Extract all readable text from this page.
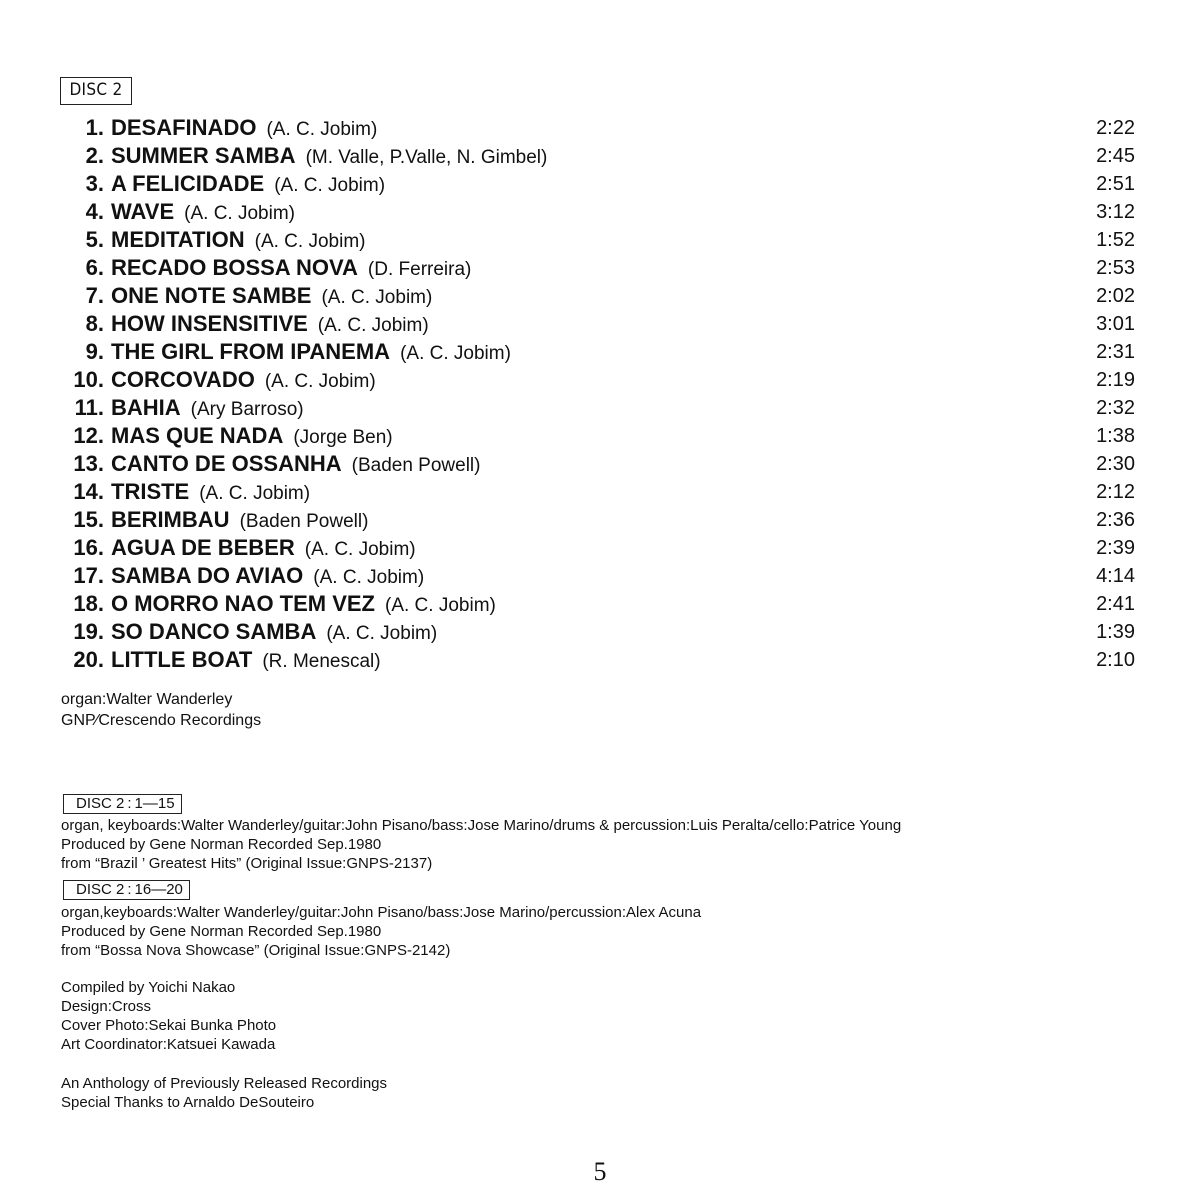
DISC 2
1. DESAFINADO (A. C. Jobim)	2:22
2. SUMMER SAMBA (M. Valle, P.Valle, N. Gimbel)	2:45
3. A FELICIDADE (A. C. Jobim)	2:51
4. WAVE (A. C. Jobim)	3:12
5. MEDITATION (A. C. Jobim)	1:52
6. RECADO BOSSA NOVA (D. Ferreira)	2:53
7. ONE NOTE SAMBE (A. C. Jobim)	2:02
8. HOW INSENSITIVE (A. C. Jobim)	3:01
9. THE GIRL FROM IPANEMA (A. C. Jobim)	2:31
10. CORCOVADO (A. C. Jobim)	2:19
11. BAHIA (Ary Barroso)	2:32
12. MAS QUE NADA (Jorge Ben)	1:38
13. CANTO DE OSSANHA (Baden Powell)	2:30
14. TRISTE (A. C. Jobim)	2:12
15. BERIMBAU (Baden Powell)	2:36
16. AGUA DE BEBER (A. C. Jobim)	2:39
17. SAMBA DO AVIAO (A. C. Jobim)	4:14
18. O MORRO NAO TEM VEZ (A. C. Jobim)	2:41
19. SO DANCO SAMBA (A. C. Jobim)	1:39
20. LITTLE BOAT (R. Menescal)	2:10
organ:Walter Wanderley
GNP∕Crescendo Recordings
DISC 2 : 1—15
organ, keyboards:Walter Wanderley/guitar:John Pisano/bass:Jose Marino/drums & percussion:Luis Peralta/cello:Patrice Young
Produced by Gene Norman Recorded Sep.1980
from “Brazil ’ Greatest Hits” (Original Issue:GNPS-2137)
DISC 2 : 16—20
organ,keyboards:Walter Wanderley/guitar:John Pisano/bass:Jose Marino/percussion:Alex Acuna
Produced by Gene Norman Recorded Sep.1980
from “Bossa Nova Showcase” (Original Issue:GNPS-2142)
Compiled by Yoichi Nakao
Design:Cross
Cover Photo:Sekai Bunka Photo
Art Coordinator:Katsuei Kawada
An Anthology of Previously Released Recordings
Special Thanks to Arnaldo DeSouteiro
5
